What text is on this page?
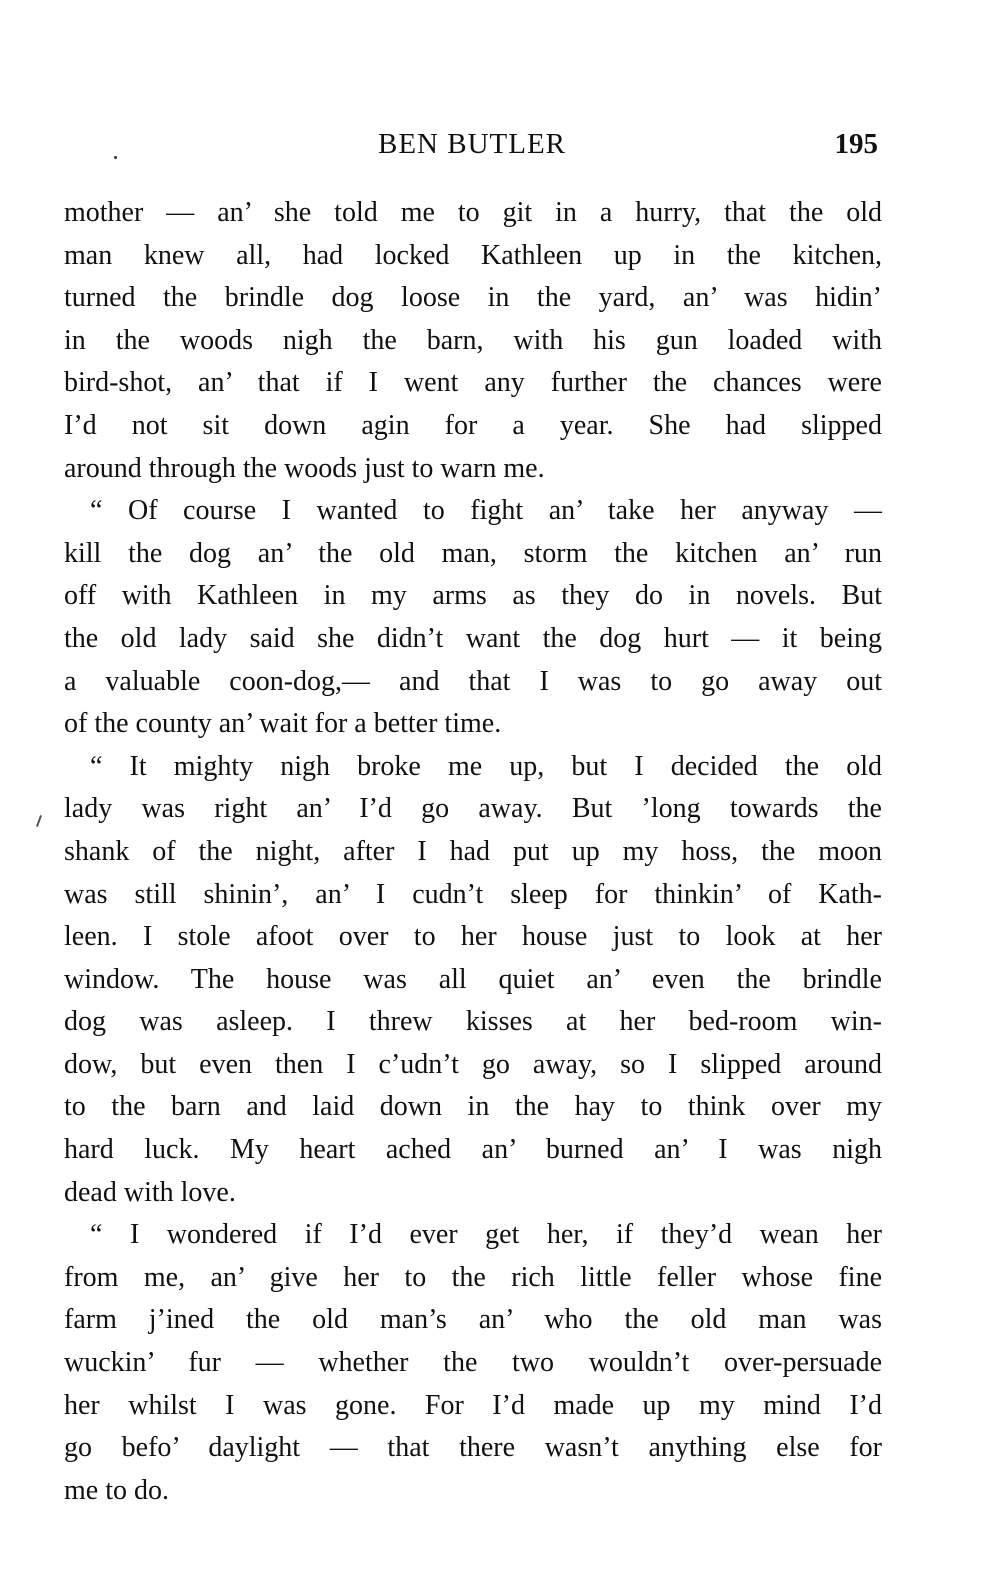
BEN BUTLER	195
mother — an’ she told me to git in a hurry, that the old
man knew all, had locked Kathleen up in the kitchen,
turned the brindle dog loose in the yard, an’ was hidin’
in the woods nigh the barn, with his gun loaded with
bird-shot, an’ that if I went any further the chances were
I’d not sit down agin for a year. She had slipped
around through the woods just to warn me.
“ Of course I wanted to fight an’ take her anyway —
kill the dog an’ the old man, storm the kitchen an’ run
off with Kathleen in my arms as they do in novels. But
the old lady said she didn’t want the dog hurt — it being
a valuable coon-dog,— and that I was to go away out
of the county an’ wait for a better time.
“ It mighty nigh broke me up, but I decided the old
lady was right an’ I’d go away. But ’long towards the
shank of the night, after I had put up my hoss, the moon
was still shinin’, an’ I cudn’t sleep for thinkin’ of Kath-
leen. I stole afoot over to her house just to look at her
window. The house was all quiet an’ even the brindle
dog was asleep. I threw kisses at her bed-room win-
dow, but even then I c’udn’t go away, so I slipped around
to the barn and laid down in the hay to think over my
hard luck. My heart ached an’ burned an’ I was nigh
dead with love.
“ I wondered if I’d ever get her, if they’d wean her
from me, an’ give her to the rich little feller whose fine
farm j’ined the old man’s an’ who the old man was
wuckin’ fur — whether the two wouldn’t over-persuade
her whilst I was gone. For I’d made up my mind I’d
go befo’ daylight — that there wasn’t anything else for
me to do.
